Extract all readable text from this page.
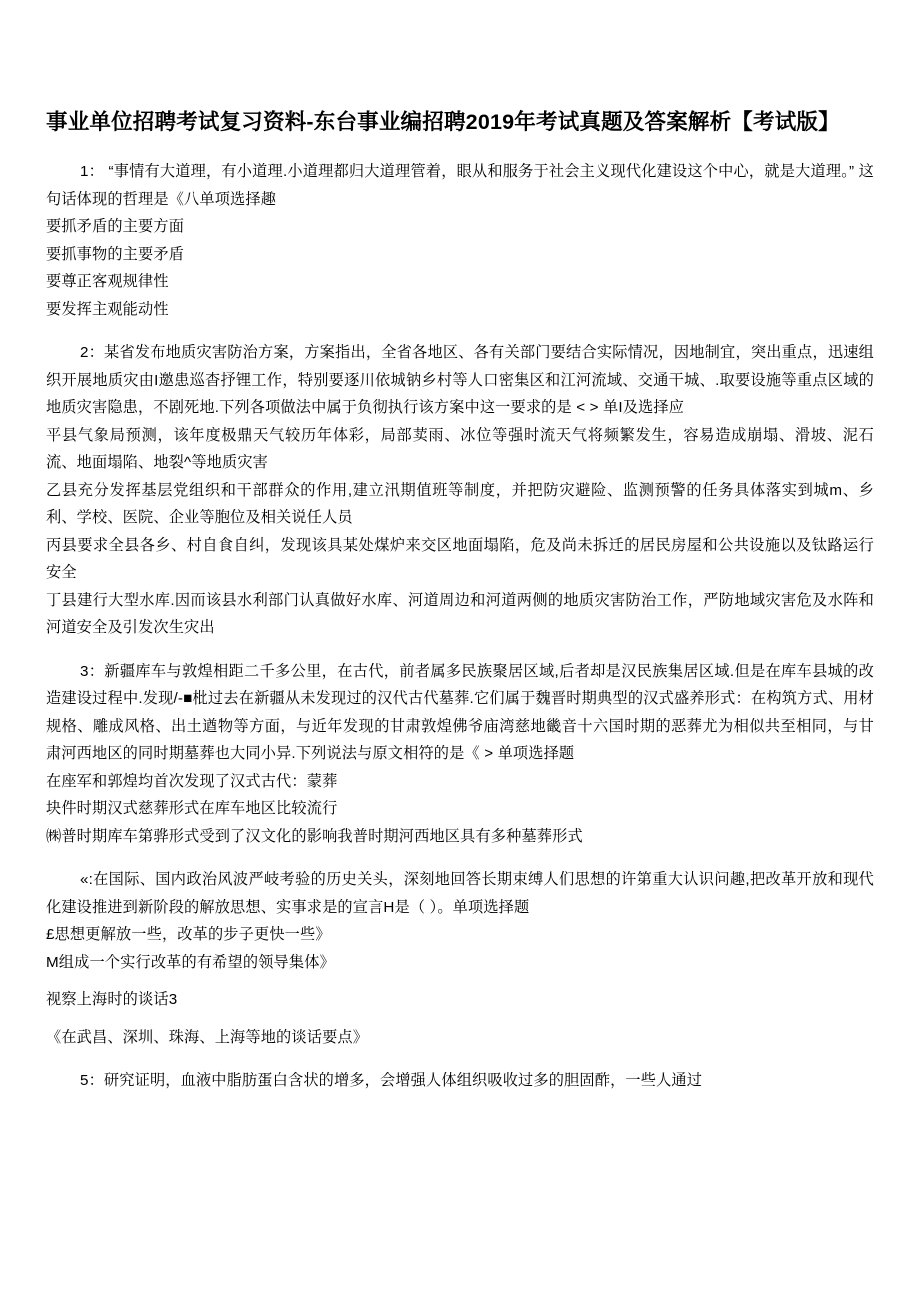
事业单位招聘考试复习资料-东台事业编招聘2019年考试真题及答案解析【考试版】
1： “事情有大道理，有小道理.小道理都归大道理管着，眼从和服务于社会主义现代化建设这个中心，就是大道理。” 这句话体现的哲理是《八单项选择趣
要抓矛盾的主要方面
要抓事物的主要矛盾
要尊正客观规律性
要发挥主观能动性
2：某省发布地质灾害防治方案，方案指出，全省各地区、各有关部门要结合实际情况，因地制宜，突出重点，迅速组织开展地质灾由I邀患巡杳抒锂工作，特别要逐川依城钠乡村等人口密集区和江河流域、交通干城、.取要设施等重点区域的地质灾害隐患，不剧死地.下列各项做法中属于负彻执行该方案中这一要求的是 < > 单I及选择应
平县气象局预测，该年度极鼎天气较历年体彩，局部荬雨、冰位等强时流天气将频繁发生，容易造成崩塌、滑坡、泥石流、地面塌陷、地裂^等地质灾害
乙县充分发挥基层党组织和干部群众的作用,建立汛期值班等制度，并把防灾避险、监测预警的任务具体落实到城m、乡利、学校、医院、企业等胞位及相关说任人员
丙县要求全县各乡、村自食自纠，发现该具某处煤炉来交区地面塌陷，危及尚未拆迁的居民房屋和公共设施以及钛路运行安全
丁县建行大型水库.因而该县水利部门认真做好水库、河道周边和河道两侧的地质灾害防治工作，严防地域灾害危及水阵和河道安全及引发次生灾出
3：新疆库车与敦煌相距二千多公里，在古代，前者属多民族聚居区域,后者却是汉民族集居区域.但是在库车县城的改造建设过程中.发现/-■枇过去在新疆从未发现过的汉代古代墓葬.它们属于魏晋时期典型的汉式盛养形式：在构筑方式、用材规格、雕成风格、出土遒物等方面，与近年发现的甘肃敦煌佛爷庙湾慈地畿音十六国时期的恶葬尤为相似共至相同，与甘肃河西地区的同时期墓葬也大同小异.下列说法与原文相符的是《 > 单项选择题
在座军和郭煌均首次发现了汉式古代：蒙葬
块件时期汉式慈葬形式在库车地区比较流行
㈱普时期库车第骅形式受到了汉文化的影响我普时期河西地区具有多种墓葬形式
«:在国际、国内政治风波严岐考验的历史关头，深刻地回答长期束缚人们思想的许第重大认识问趣,把改革开放和现代化建设推进到新阶段的解放思想、实事求是的宣言H是（ ）。单项选择题
£思想更解放一些，改革的步子更快一些》
M组成一个实行改革的有希望的领导集体》
视察上海时的谈话3
《在武昌、深圳、珠海、上海等地的谈话要点》
5：研究证明，血液中脂肪蛋白含状的增多，会增强人体组织吸收过多的胆固酢，一些人通过
